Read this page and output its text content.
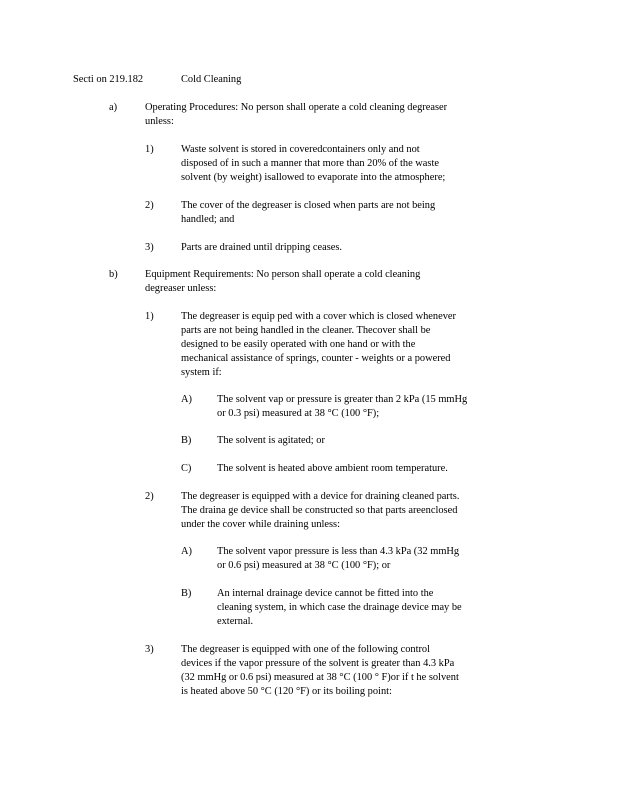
Secti on 219.182	Cold Cleaning
a)	Operating Procedures: No person shall operate a cold cleaning degreaser
unless:
1)	Waste solvent is stored in coveredcontainers only and not
disposed of in such a manner that more than 20% of the waste
solvent (by weight) isallowed to evaporate into the atmosphere;
2)	The cover of the degreaser is closed when parts are not being
handled; and
3)	Parts are drained until dripping ceases.
b)	Equipment Requirements: No person shall operate a cold cleaning
degreaser unless:
1)	The degreaser is equip ped with a cover which is closed whenever
parts are not being handled in the cleaner. Thecover shall be
designed to be easily operated with one hand or with the
mechanical assistance of springs, counter - weights or a powered
system if:
A) The solvent vap or pressure is greater than 2 kPa (15 mmHg
or 0.3 psi) measured at 38 °C (100 °F);
B) The solvent is agitated; or
C) The solvent is heated above ambient room temperature.
2)	The degreaser is equipped with a device for draining cleaned parts.
The draina ge device shall be constructed so that parts areenclosed
under the cover while draining unless:
A) The solvent vapor pressure is less than 4.3 kPa (32 mmHg
or 0.6 psi) measured at 38 °C (100 °F); or
B) An internal drainage device cannot be fitted into the
cleaning system, in which case the drainage device may be
external.
3)	The degreaser is equipped with one of the following control
devices if the vapor pressure of the solvent is greater than 4.3 kPa
(32 mmHg or 0.6 psi) measured at 38 °C (100 ° F)or if t he solvent
is heated above 50 °C (120 °F) or its boiling point:
